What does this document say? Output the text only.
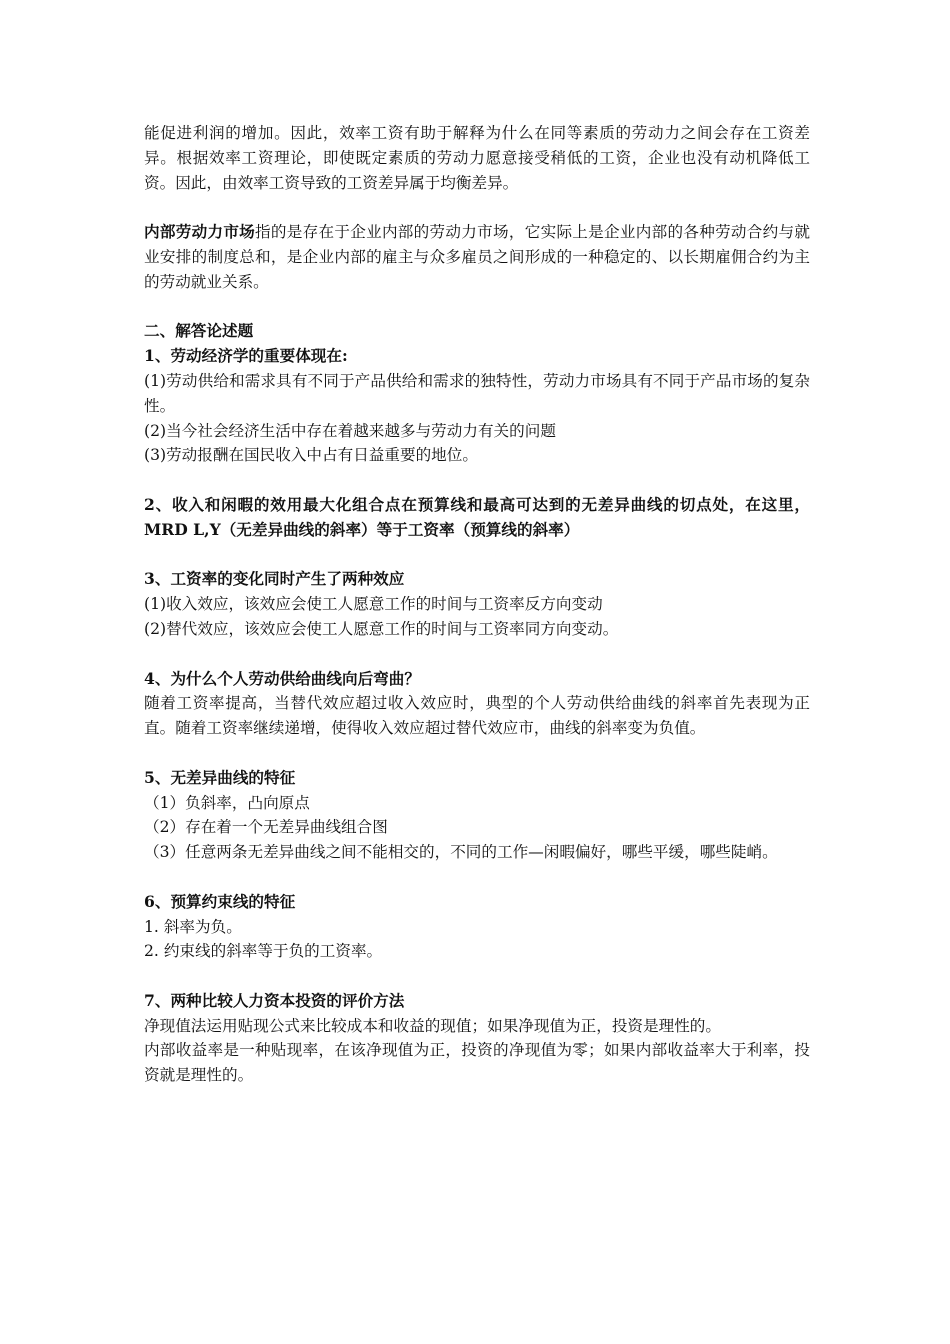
能促进利润的增加。因此，效率工资有助于解释为什么在同等素质的劳动力之间会存在工资差异。根据效率工资理论，即使既定素质的劳动力愿意接受稍低的工资，企业也没有动机降低工资。因此，由效率工资导致的工资差异属于均衡差异。

内部劳动力市场指的是存在于企业内部的劳动力市场，它实际上是企业内部的各种劳动合约与就业安排的制度总和，是企业内部的雇主与众多雇员之间形成的一种稳定的、以长期雇佣合约为主的劳动就业关系。

二、解答论述题

1、劳动经济学的重要体现在:

(1)劳动供给和需求具有不同于产品供给和需求的独特性，劳动力市场具有不同于产品市场的复杂性。

(2)当今社会经济生活中存在着越来越多与劳动力有关的问题

(3)劳动报酬在国民收入中占有日益重要的地位。

2、收入和闲暇的效用最大化组合点在预算线和最高可达到的无差异曲线的切点处，在这里，MRD L,Y（无差异曲线的斜率）等于工资率（预算线的斜率）

3、工资率的变化同时产生了两种效应

(1)收入效应，该效应会使工人愿意工作的时间与工资率反方向变动

(2)替代效应，该效应会使工人愿意工作的时间与工资率同方向变动。

4、为什么个人劳动供给曲线向后弯曲？

随着工资率提高，当替代效应超过收入效应时，典型的个人劳动供给曲线的斜率首先表现为正直。随着工资率继续递增，使得收入效应超过替代效应市，曲线的斜率变为负值。

5、无差异曲线的特征

（1）负斜率，凸向原点

（2）存在着一个无差异曲线组合图

（3）任意两条无差异曲线之间不能相交的，不同的工作—闲暇偏好，哪些平缓，哪些陡峭。

6、预算约束线的特征

1. 斜率为负。

2. 约束线的斜率等于负的工资率。

7、两种比较人力资本投资的评价方法

净现值法运用贴现公式来比较成本和收益的现值；如果净现值为正，投资是理性的。

内部收益率是一种贴现率，在该净现值为正，投资的净现值为零；如果内部收益率大于利率，投资就是理性的。
